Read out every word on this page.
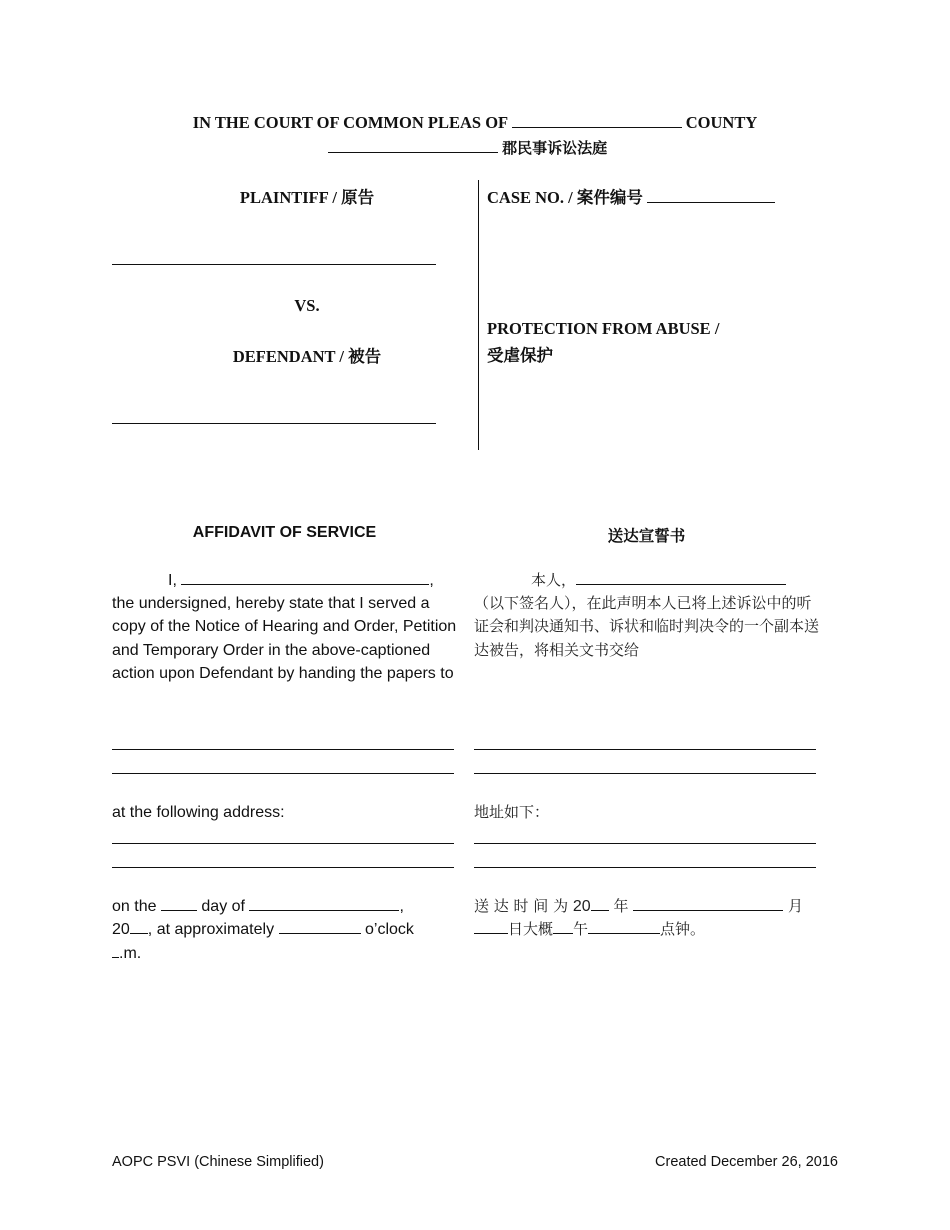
IN THE COURT OF COMMON PLEAS OF	COUNTY
郡民事诉讼法庭
PLAINTIFF / 原告
VS.
DEFENDANT / 被告
CASE NO. / 案件编号
PROTECTION FROM ABUSE /
受虐保护
AFFIDAVIT OF SERVICE	送达宣誓书
I,	,
the undersigned, hereby state that I served a copy of the Notice of Hearing and Order, Petition and Temporary Order in the above-captioned action upon Defendant by handing the papers to
本人，
（以下签名人），在此声明本人已将上述诉讼中的听证会和判决通知书、诉状和临时判决令的一个副本送达被告，将相关文书交给
at the following address:	地址如下：
on the	day of	,
20 , at approximately	o’clock
.m.
送 达 时 间 为 20 年	月
日大概 午	点钟。
AOPC PSVI (Chinese Simplified)	Created December 26, 2016
